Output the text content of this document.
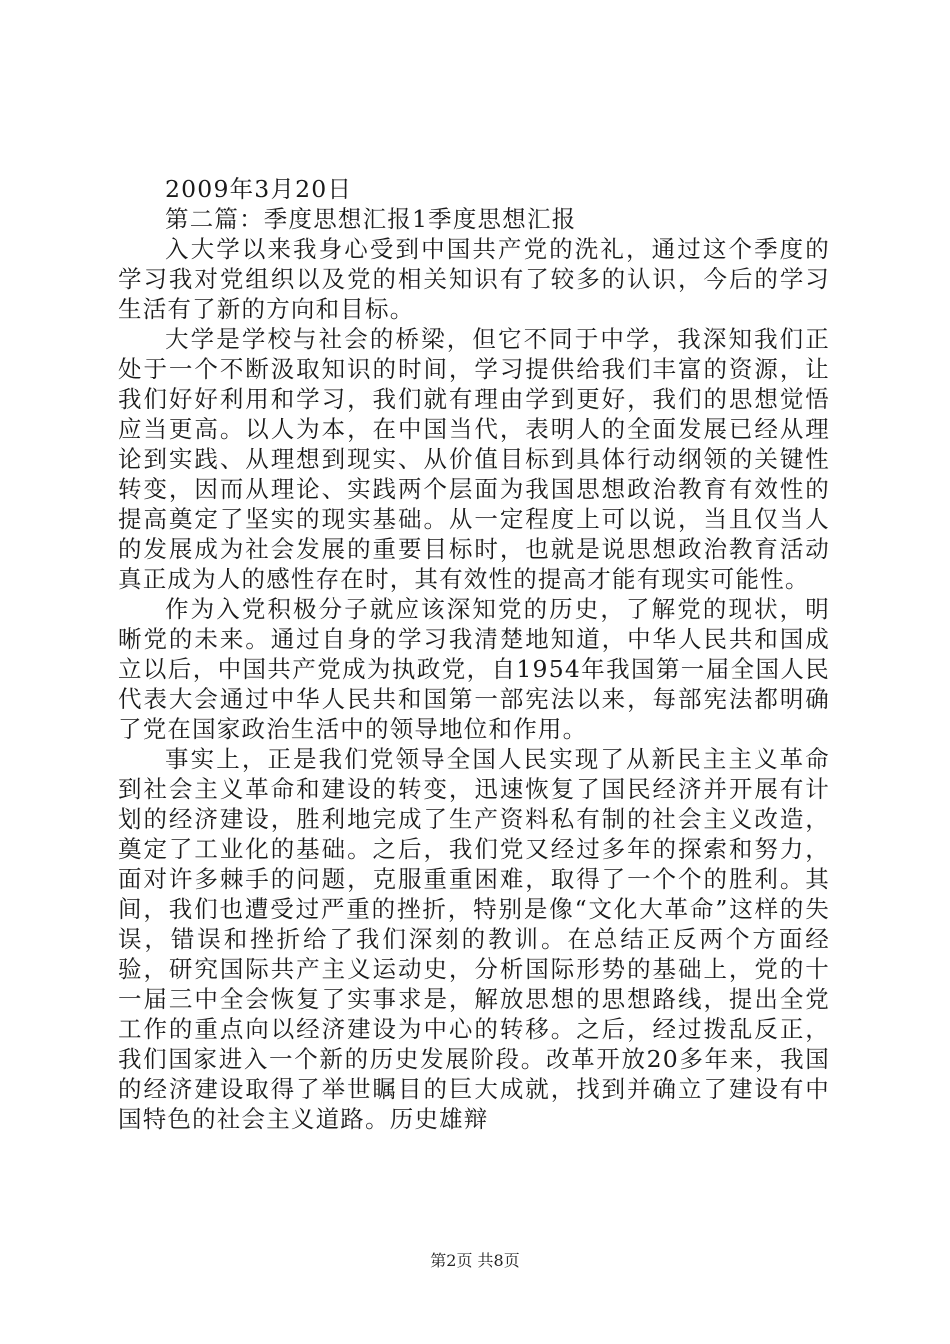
2009年3月20日

第二篇：季度思想汇报1季度思想汇报

入大学以来我身心受到中国共产党的洗礼，通过这个季度的学习我对党组织以及党的相关知识有了较多的认识，今后的学习生活有了新的方向和目标。

大学是学校与社会的桥梁，但它不同于中学，我深知我们正处于一个不断汲取知识的时间，学习提供给我们丰富的资源，让我们好好利用和学习，我们就有理由学到更好，我们的思想觉悟应当更高。以人为本，在中国当代，表明人的全面发展已经从理论到实践、从理想到现实、从价值目标到具体行动纲领的关键性转变，因而从理论、实践两个层面为我国思想政治教育有效性的提高奠定了坚实的现实基础。从一定程度上可以说，当且仅当人的发展成为社会发展的重要目标时，也就是说思想政治教育活动真正成为人的感性存在时，其有效性的提高才能有现实可能性。

作为入党积极分子就应该深知党的历史，了解党的现状，明晰党的未来。通过自身的学习我清楚地知道，中华人民共和国成立以后，中国共产党成为执政党，自1954年我国第一届全国人民代表大会通过中华人民共和国第一部宪法以来，每部宪法都明确了党在国家政治生活中的领导地位和作用。

事实上，正是我们党领导全国人民实现了从新民主主义革命到社会主义革命和建设的转变，迅速恢复了国民经济并开展有计划的经济建设，胜利地完成了生产资料私有制的社会主义改造，奠定了工业化的基础。之后，我们党又经过多年的探索和努力，面对许多棘手的问题，克服重重困难，取得了一个个的胜利。其间，我们也遭受过严重的挫折，特别是像“文化大革命”这样的失误，错误和挫折给了我们深刻的教训。在总结正反两个方面经验，研究国际共产主义运动史，分析国际形势的基础上，党的十一届三中全会恢复了实事求是，解放思想的思想路线，提出全党工作的重点向以经济建设为中心的转移。之后，经过拨乱反正，我们国家进入一个新的历史发展阶段。改革开放20多年来，我国的经济建设取得了举世瞩目的巨大成就，找到并确立了建设有中国特色的社会主义道路。历史雄辩

第2页 共8页
